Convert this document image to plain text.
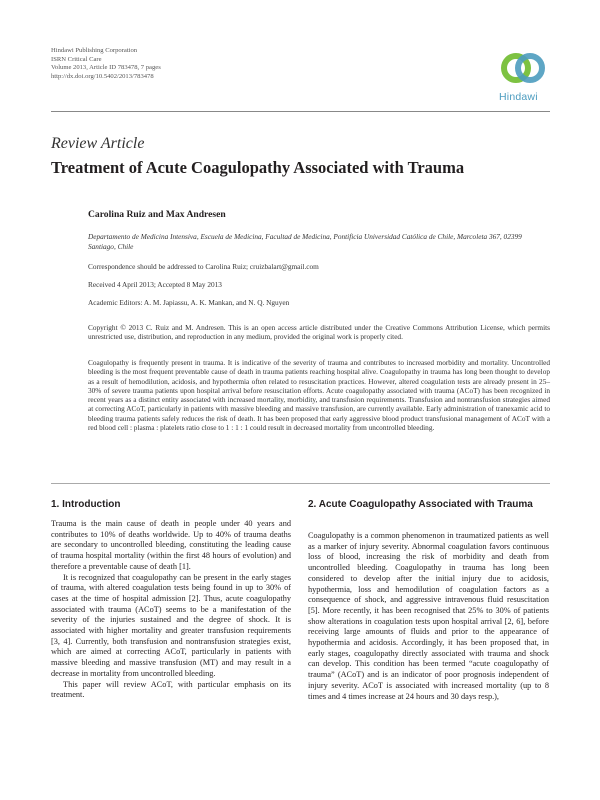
Hindawi Publishing Corporation
ISRN Critical Care
Volume 2013, Article ID 783478, 7 pages
http://dx.doi.org/10.5402/2013/783478
Hindawi
Review Article
Treatment of Acute Coagulopathy Associated with Trauma
Carolina Ruiz and Max Andresen
Departamento de Medicina Intensiva, Escuela de Medicina, Facultad de Medicina, Pontificia Universidad Católica de Chile, Marcoleta 367, 02399 Santiago, Chile
Correspondence should be addressed to Carolina Ruiz; cruizbalart@gmail.com
Received 4 April 2013; Accepted 8 May 2013
Academic Editors: A. M. Japiassu, A. K. Mankan, and N. Q. Nguyen
Copyright © 2013 C. Ruiz and M. Andresen. This is an open access article distributed under the Creative Commons Attribution License, which permits unrestricted use, distribution, and reproduction in any medium, provided the original work is properly cited.
Coagulopathy is frequently present in trauma. It is indicative of the severity of trauma and contributes to increased morbidity and mortality. Uncontrolled bleeding is the most frequent preventable cause of death in trauma patients reaching hospital alive. Coagulopathy in trauma has long been thought to develop as a result of hemodilution, acidosis, and hypothermia often related to resuscitation practices. However, altered coagulation tests are already present in 25–30% of severe trauma patients upon hospital arrival before resuscitation efforts. Acute coagulopathy associated with trauma (ACoT) has been recognized in recent years as a distinct entity associated with increased mortality, morbidity, and transfusion requirements. Transfusion and nontransfusion strategies aimed at correcting ACoT, particularly in patients with massive bleeding and massive transfusion, are currently available. Early administration of tranexamic acid to bleeding trauma patients safely reduces the risk of death. It has been proposed that early aggressive blood product transfusional management of ACoT with a red blood cell : plasma : platelets ratio close to 1 : 1 : 1 could result in decreased mortality from uncontrolled bleeding.
1. Introduction

Trauma is the main cause of death in people under 40 years and contributes to 10% of deaths worldwide. Up to 40% of trauma deaths are secondary to uncontrolled bleeding, constituting the leading cause of trauma hospital mortality (within the first 48 hours of evolution) and therefore a preventable cause of death [1].

It is recognized that coagulopathy can be present in the early stages of trauma, with altered coagulation tests being found in up to 30% of cases at the time of hospital admission [2]. Thus, acute coagulopathy associated with trauma (ACoT) seems to be a manifestation of the severity of the injuries sustained and the degree of shock. It is associated with higher mortality and greater transfusion requirements [3, 4]. Currently, both transfusion and nontransfusion strategies exist, which are aimed at correcting ACoT, particularly in patients with massive bleeding and massive transfusion (MT) and may result in a decrease in mortality from uncontrolled bleeding.

This paper will review ACoT, with particular emphasis on its treatment.

2. Acute Coagulopathy Associated with Trauma

Coagulopathy is a common phenomenon in traumatized patients as well as a marker of injury severity. Abnormal coagulation favors continuous loss of blood, increasing the risk of morbidity and death from uncontrolled bleeding. Coagulopathy in trauma has long been considered to develop after the initial injury due to acidosis, hypothermia, loss and hemodilution of coagulation factors as a consequence of shock, and aggressive intravenous fluid resuscitation [5]. More recently, it has been recognised that 25% to 30% of patients show alterations in coagulation tests upon hospital arrival [2, 6], before receiving large amounts of fluids and prior to the appearance of hypothermia and acidosis. Accordingly, it has been proposed that, in early stages, coagulopathy directly associated with trauma and shock can develop. This condition has been termed “acute coagulopathy of trauma” (ACoT) and is an indicator of poor prognosis independent of injury severity. ACoT is associated with increased mortality (up to 8 times and 4 times increase at 24 hours and 30 days resp.),
